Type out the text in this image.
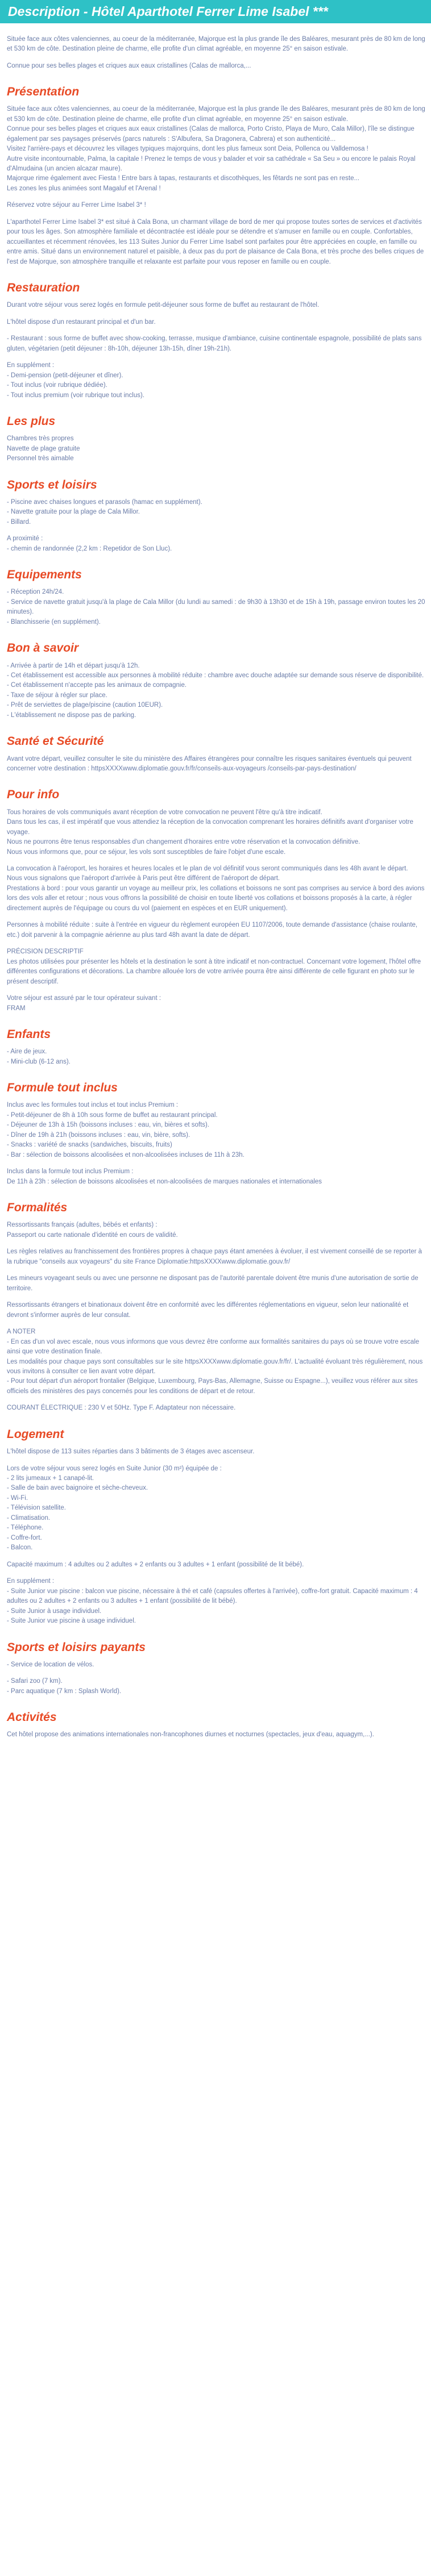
Description - Hôtel Aparthotel Ferrer Lime Isabel ***

Située face aux côtes valenciennes, au coeur de la méditerranée, Majorque est la plus grande île des Baléares, mesurant près de 80 km de long et 530 km de côte. Destination pleine de charme, elle profite d'un climat agréable, en moyenne 25° en saison estivale.

Connue pour ses belles plages et criques aux eaux cristallines (Calas de mallorca,...

Présentation

Située face aux côtes valenciennes, au coeur de la méditerranée, Majorque est la plus grande île des Baléares, mesurant près de 80 km de long et 530 km de côte. Destination pleine de charme, elle profite d'un climat agréable, en moyenne 25° en saison estivale.
Connue pour ses belles plages et criques aux eaux cristallines (Calas de mallorca, Porto Cristo, Playa de Muro, Cala Millor), l'île se distingue également par ses paysages préservés (parcs naturels : S'Albufera, Sa Dragonera, Cabrera) et son authenticité...
Visitez l'arrière-pays et découvrez les villages typiques majorquins, dont les plus fameux sont Deia, Pollenca ou Valldemosa !
Autre visite incontournable, Palma, la capitale ! Prenez le temps de vous y balader et voir sa cathédrale « Sa Seu » ou encore le palais Royal d'Almudaina (un ancien alcazar maure).
Majorque rime également avec Fiesta ! Entre bars à tapas, restaurants et discothèques, les fêtards ne sont pas en reste...
Les zones les plus animées sont Magaluf et l'Arenal !

Réservez votre séjour au Ferrer Lime Isabel 3* !

L'aparthotel Ferrer Lime Isabel 3* est situé à Cala Bona, un charmant village de bord de mer qui propose toutes sortes de services et d'activités pour tous les âges. Son atmosphère familiale et décontractée est idéale pour se détendre et s'amuser en famille ou en couple. Confortables, accueillantes et récemment rénovées, les 113 Suites Junior du Ferrer Lime Isabel sont parfaites pour être appréciées en couple, en famille ou entre amis. Situé dans un environnement naturel et paisible, à deux pas du port de plaisance de Cala Bona, et très proche des belles criques de l'est de Majorque, son atmosphère tranquille et relaxante est parfaite pour vous reposer en famille ou en couple.

Restauration

Durant votre séjour vous serez logés en formule petit-déjeuner sous forme de buffet au restaurant de l'hôtel.

L'hôtel dispose d'un restaurant principal et d'un bar.

- Restaurant : sous forme de buffet avec show-cooking, terrasse, musique d'ambiance, cuisine continentale espagnole, possibilité de plats sans gluten, végétarien (petit déjeuner : 8h-10h, déjeuner 13h-15h, dîner 19h-21h).

En supplément :
- Demi-pension (petit-déjeuner et dîner).
- Tout inclus (voir rubrique dédiée).
- Tout inclus premium (voir rubrique tout inclus).

Les plus

Chambres très propres
Navette de plage gratuite
Personnel très aimable

Sports et loisirs

- Piscine avec chaises longues et parasols (hamac en supplément).
- Navette gratuite pour la plage de Cala Millor.
- Billard.

A proximité :
- chemin de randonnée (2,2 km : Repetidor de Son Lluc).

Equipements

- Réception 24h/24.
- Service de navette gratuit jusqu'à la plage de Cala Millor (du lundi au samedi : de 9h30 à 13h30 et de 15h à 19h, passage environ toutes les 20 minutes).
- Blanchisserie (en supplément).

Bon à savoir

- Arrivée à partir de 14h et départ jusqu'à 12h.
- Cet établissement est accessible aux personnes à mobilité réduite : chambre avec douche adaptée sur demande sous réserve de disponibilité.
- Cet établissement n'accepte pas les animaux de compagnie.
- Taxe de séjour à régler sur place.
- Prêt de serviettes de plage/piscine (caution 10EUR).
- L'établissement ne dispose pas de parking.

Santé et Sécurité

Avant votre départ, veuillez consulter le site du ministère des Affaires étrangères pour connaître les risques sanitaires éventuels qui peuvent concerner votre destination : httpsXXXXwww.diplomatie.gouv.fr/fr/conseils-aux-voyageurs /conseils-par-pays-destination/

Pour info

Tous horaires de vols communiqués avant réception de votre convocation ne peuvent l'être qu'à titre indicatif.
Dans tous les cas, il est impératif que vous attendiez la réception de la convocation comprenant les horaires définitifs avant d'organiser votre voyage.
Nous ne pourrons être tenus responsables d'un changement d'horaires entre votre réservation et la convocation définitive.
Nous vous informons que, pour ce séjour, les vols sont susceptibles de faire l'objet d'une escale.

La convocation à l'aéroport, les horaires et heures locales et le plan de vol définitif vous seront communiqués dans les 48h avant le départ.
Nous vous signalons que l'aéroport d'arrivée à Paris peut être différent de l'aéroport de départ.
Prestations à bord : pour vous garantir un voyage au meilleur prix, les collations et boissons ne sont pas comprises au service à bord des avions lors des vols aller et retour ; nous vous offrons la possibilité de choisir en toute liberté vos collations et boissons proposés à la carte, à régler directement auprès de l'équipage ou cours du vol (paiement en espèces et en EUR uniquement).

Personnes à mobilité réduite : suite à l'entrée en vigueur du règlement européen EU 1107/2006, toute demande d'assistance (chaise roulante, etc.) doit parvenir à la compagnie aérienne au plus tard 48h avant la date de départ.

PRÉCISION DESCRIPTIF
Les photos utilisées pour présenter les hôtels et la destination le sont à titre indicatif et non-contractuel. Concernant votre logement, l'hôtel offre différentes configurations et décorations. La chambre allouée lors de votre arrivée pourra être ainsi différente de celle figurant en photo sur le présent descriptif.

Votre séjour est assuré par le tour opérateur suivant :
FRAM

Enfants

- Aire de jeux.
- Mini-club (6-12 ans).

Formule tout inclus

Inclus avec les formules tout inclus et tout inclus Premium :
- Petit-déjeuner de 8h à 10h sous forme de buffet au restaurant principal.
- Déjeuner de 13h à 15h (boissons incluses : eau, vin, bières et softs).
- Dîner de 19h à 21h (boissons incluses : eau, vin, bière, softs).
- Snacks : variété de snacks (sandwiches, biscuits, fruits)
- Bar : sélection de boissons alcoolisées et non-alcoolisées incluses de 11h à 23h.

Inclus dans la formule tout inclus Premium :
De 11h à 23h : sélection de boissons alcoolisées et non-alcoolisées de marques nationales et internationales

Formalités

Ressortissants français (adultes, bébés et enfants) :
Passeport ou carte nationale d'identité en cours de validité.

Les règles relatives au franchissement des frontières propres à chaque pays étant amenées à évoluer, il est vivement conseillé de se reporter à la rubrique "conseils aux voyageurs" du site France Diplomatie:httpsXXXXwww.diplomatie.gouv.fr/

Les mineurs voyageant seuls ou avec une personne ne disposant pas de l'autorité parentale doivent être munis d'une autorisation de sortie de territoire.

Ressortissants étrangers et binationaux doivent être en conformité avec les différentes réglementations en vigueur, selon leur nationalité et devront s'informer auprès de leur consulat.

A NOTER
- En cas d'un vol avec escale, nous vous informons que vous devrez être conforme aux formalités sanitaires du pays où se trouve votre escale ainsi que votre destination finale.
Les modalités pour chaque pays sont consultables sur le site httpsXXXXwww.diplomatie.gouv.fr/fr/. L'actualité évoluant très régulièrement, nous vous invitons à consulter ce lien avant votre départ.
- Pour tout départ d'un aéroport frontalier (Belgique, Luxembourg, Pays-Bas, Allemagne, Suisse ou Espagne...), veuillez vous référer aux sites officiels des ministères des pays concernés pour les conditions de départ et de retour.

COURANT ÉLECTRIQUE : 230 V et 50Hz. Type F. Adaptateur non nécessaire.

Logement

L'hôtel dispose de 113 suites réparties dans 3 bâtiments de 3 étages avec ascenseur.

Lors de votre séjour vous serez logés en Suite Junior (30 m²) équipée de :
- 2 lits jumeaux + 1 canapé-lit.
- Salle de bain avec baignoire et sèche-cheveux.
- Wi-Fi.
- Télévision satellite.
- Climatisation.
- Téléphone.
- Coffre-fort.
- Balcon.

Capacité maximum : 4 adultes ou 2 adultes + 2 enfants ou 3 adultes + 1 enfant (possibilité de lit bébé).

En supplément :
- Suite Junior vue piscine : balcon vue piscine, nécessaire à thé et café (capsules offertes à l'arrivée), coffre-fort gratuit. Capacité maximum : 4 adultes ou 2 adultes + 2 enfants ou 3 adultes + 1 enfant (possibilité de lit bébé).
- Suite Junior à usage individuel.
- Suite Junior vue piscine à usage individuel.

Sports et loisirs payants

- Service de location de vélos.

- Safari zoo (7 km).
- Parc aquatique (7 km : Splash World).

Activités

Cet hôtel propose des animations internationales non-francophones diurnes et nocturnes (spectacles, jeux d'eau, aquagym,...).
